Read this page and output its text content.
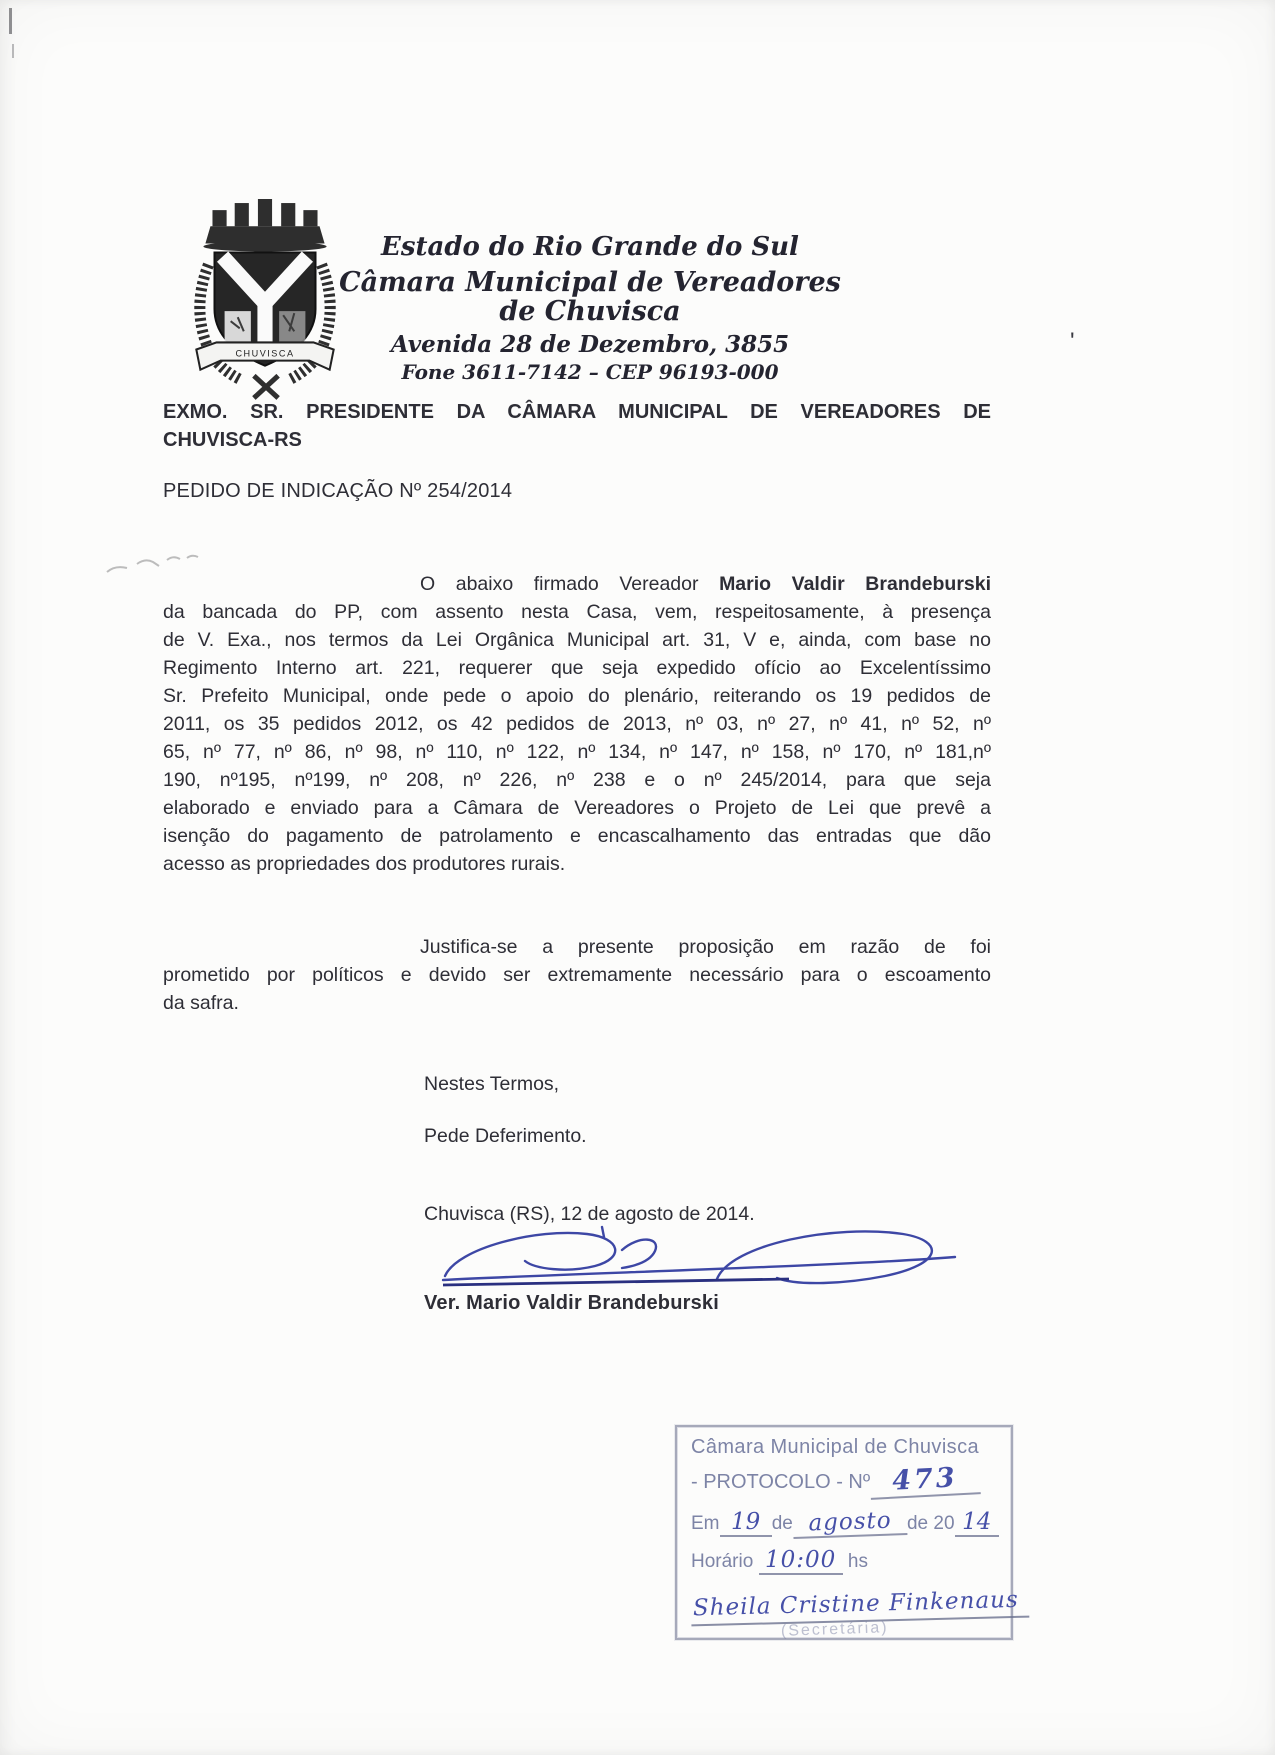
CHUVISCA
Estado do Rio Grande do Sul
Câmara Municipal de Vereadores de Chuvisca
Avenida 28 de Dezembro, 3855
Fone 3611-7142 – CEP 96193-000
'
EXMO. SR. PRESIDENTE DA CÂMARA MUNICIPAL DE VEREADORES DE
CHUVISCA-RS
PEDIDO DE INDICAÇÃO Nº 254/2014
O abaixo firmado Vereador Mario Valdir Brandeburski
da bancada do PP, com assento nesta Casa, vem, respeitosamente, à presença
de V. Exa., nos termos da Lei Orgânica Municipal art. 31, V e, ainda, com base no
Regimento Interno art. 221, requerer que seja expedido ofício ao Excelentíssimo
Sr. Prefeito Municipal, onde pede o apoio do plenário, reiterando os 19 pedidos de
2011, os 35 pedidos 2012, os 42 pedidos de 2013, nº 03, nº 27, nº 41, nº 52, nº
65, nº 77, nº 86, nº 98, nº 110, nº 122, nº 134, nº 147, nº 158, nº 170, nº 181,nº
190, nº195, nº199, nº 208, nº 226, nº 238 e o nº 245/2014, para que seja
elaborado e enviado para a Câmara de Vereadores o Projeto de Lei que prevê a
isenção do pagamento de patrolamento e encascalhamento das entradas que dão
acesso as propriedades dos produtores rurais.
Justifica-se a presente proposição em razão de foi
prometido por políticos e devido ser extremamente necessário para o escoamento
da safra.
Nestes Termos,
Pede Deferimento.
Chuvisca (RS), 12 de agosto de 2014.
Ver. Mario Valdir Brandeburski
Câmara Municipal de Chuvisca
- PROTOCOLO - Nº 473
Em 19 de agosto de 20 14
Horário
10:00
hs
Sheila Cristine Finkenaus
(Secretária)
